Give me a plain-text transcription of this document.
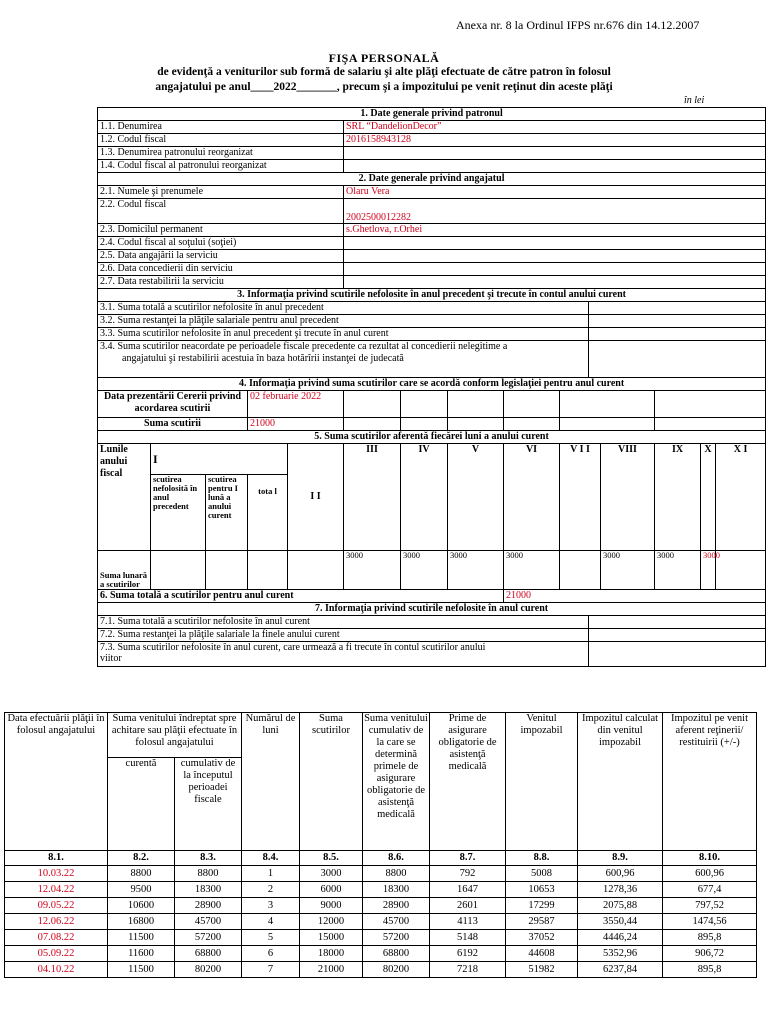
Anexa nr. 8 la Ordinul IFPS nr.676 din 14.12.2007
FIŞA PERSONALĂ
de evidenţă a veniturilor sub formă de salariu şi alte plăţi efectuate de către patron în folosul
angajatului pe anul____2022_______, precum şi a impozitului pe venit reţinut din aceste plăţi
în lei
1. Date generale privind patronul															
1.1. Denumirea					SRL “DandelionDecor”										
1.2. Codul fiscal					2016158943128										
1.3. Denumirea patronului reorganizat															
1.4. Codul fiscal al patronului reorganizat															
2. Date generale privind angajatul															
2.1. Numele şi prenumele					Olaru Vera										
2.2. Codul fiscal					2002500012282										
2.3. Domicilul permanent					s.Ghetlova, r.Orhei										
2.4. Codul fiscal al soţului (soţiei)															
2.5. Data angajării la serviciu															
2.6. Data concedierii din serviciu															
2.7. Data restabilirii la serviciu															
3. Informaţia privind scutirile nefolosite în anul precedent şi trecute în contul anului curent															
3.1. Suma totală a scutirilor nefolosite în anul precedent															
3.2. Suma restanţei la plăţile salariale pentru anul precedent															
3.3. Suma scutirilor nefolosite în anul precedent şi trecute în anul curent															
3.4. Suma scutirilor neacordate pe perioadele fiscale precedente ca rezultat al concedierii nelegitime a
angajatului şi restabilirii acestuia în baza hotărîrii instanţei de judecată															
4. Informaţia privind suma scutirilor care se acordă conform legislaţiei pentru anul curent															
Data prezentării Cererii privind acordarea scutirii			02 februarie 2022												
Suma scutirii			21000												
5. Suma scutirilor aferentă fiecărei luni a anului curent															
Lunile anului fiscal	I			I I	III	IV	V	VI	V I I		VIII	IX	X	X I	
	scutirea nefolosită în anul precedent	scutirea pentru I lună a anului curent	tota l												
Suma lunară a scutirilor					3000	3000	3000	3000			3000	3000	3000		
6. Suma totală a scutirilor pentru anul curent								21000							
7. Informaţia privind scutirile nefolosite în anul curent															
7.1. Suma totală a scutirilor nefolosite în anul curent															
7.2. Suma restanţei la plăţile salariale la finele anului curent															
7.3. Suma scutirilor nefolosite în anul curent, care urmează a fi trecute în contul scutirilor anului
viitor															
Data efectuării plăţii în folosul angajatului	Suma venitului îndreptat spre achitare sau plăţii efectuate în folosul angajatului		Numărul de luni	Suma scutirilor	Suma venitului cumulativ de la care se determină primele de asigurare obligatorie de asistenţă medicală	Prime de asigurare obligatorie de asistenţă medicală	Venitul impozabil	Impozitul calculat din venitul impozabil	Impozitul pe venit aferent reţinerii/ restituirii (+/-)
	curentă	cumulativ de la începutul perioadei fiscale							
8.1.	8.2.	8.3.	8.4.	8.5.	8.6.	8.7.	8.8.	8.9.	8.10.
10.03.22	8800	8800	1	3000	8800	792	5008	600,96	600,96
12.04.22	9500	18300	2	6000	18300	1647	10653	1278,36	677,4
09.05.22	10600	28900	3	9000	28900	2601	17299	2075,88	797,52
12.06.22	16800	45700	4	12000	45700	4113	29587	3550,44	1474,56
07.08.22	11500	57200	5	15000	57200	5148	37052	4446,24	895,8
05.09.22	11600	68800	6	18000	68800	6192	44608	5352,96	906,72
04.10.22	11500	80200	7	21000	80200	7218	51982	6237,84	895,8
